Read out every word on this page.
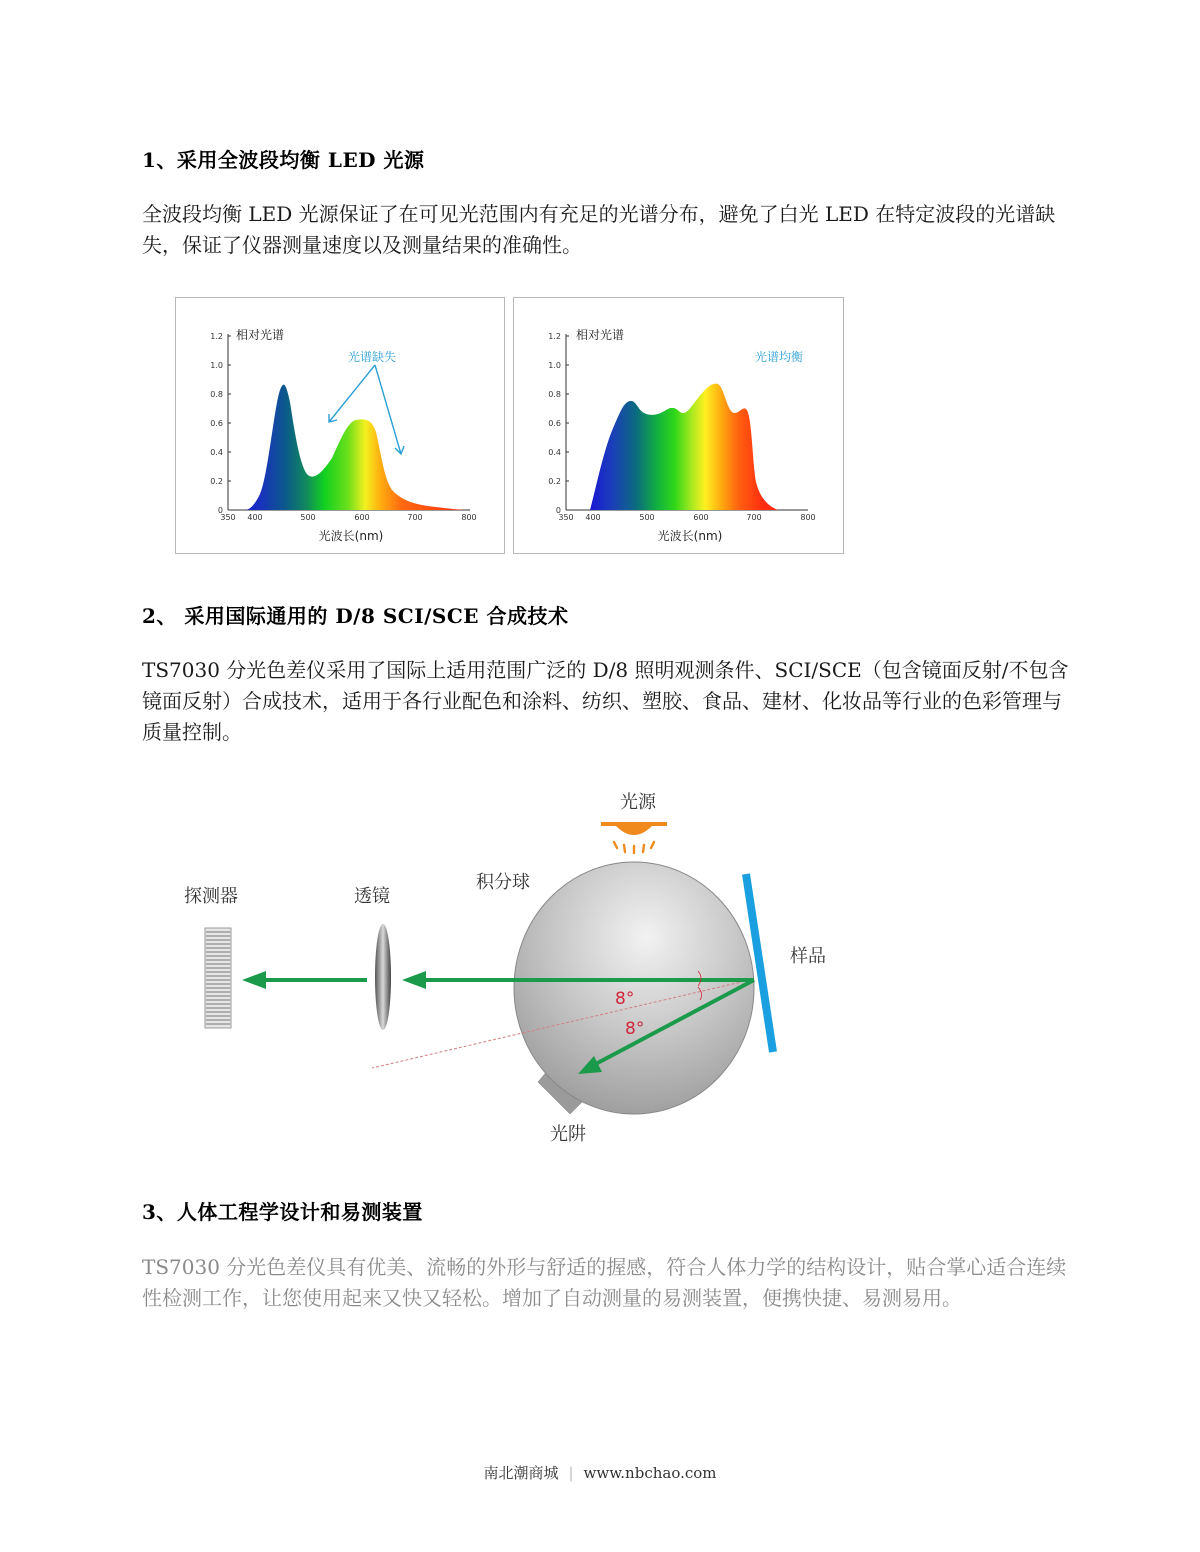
1、采用全波段均衡 LED 光源
全波段均衡 LED 光源保证了在可见光范围内有充足的光谱分布，避免了白光 LED 在特定波段的光谱缺失，保证了仪器测量速度以及测量结果的准确性。
0
0.2
0.4
0.6
0.8
1.0
1.2
350 400	500	600	700	800
相对光谱
光谱缺失
光波长(nm)
0
0.2
0.4
0.6
0.8
1.0
1.2
350 400	500	600	700	800
相对光谱
光谱均衡
光波长(nm)
2、 采用国际通用的 D/8 SCI/SCE 合成技术
TS7030 分光色差仪采用了国际上适用范围广泛的 D/8 照明观测条件、SCI/SCE（包含镜面反射/不包含镜面反射）合成技术，适用于各行业配色和涂料、纺织、塑胶、食品、建材、化妆品等行业的色彩管理与质量控制。
光源
积分球
探测器	透镜
样品
光阱
8°
8°
3、人体工程学设计和易测装置
TS7030 分光色差仪具有优美、流畅的外形与舒适的握感，符合人体力学的结构设计，贴合掌心适合连续性检测工作，让您使用起来又快又轻松。增加了自动测量的易测装置，便携快捷、易测易用。
南北潮商城 | www.nbchao.com
